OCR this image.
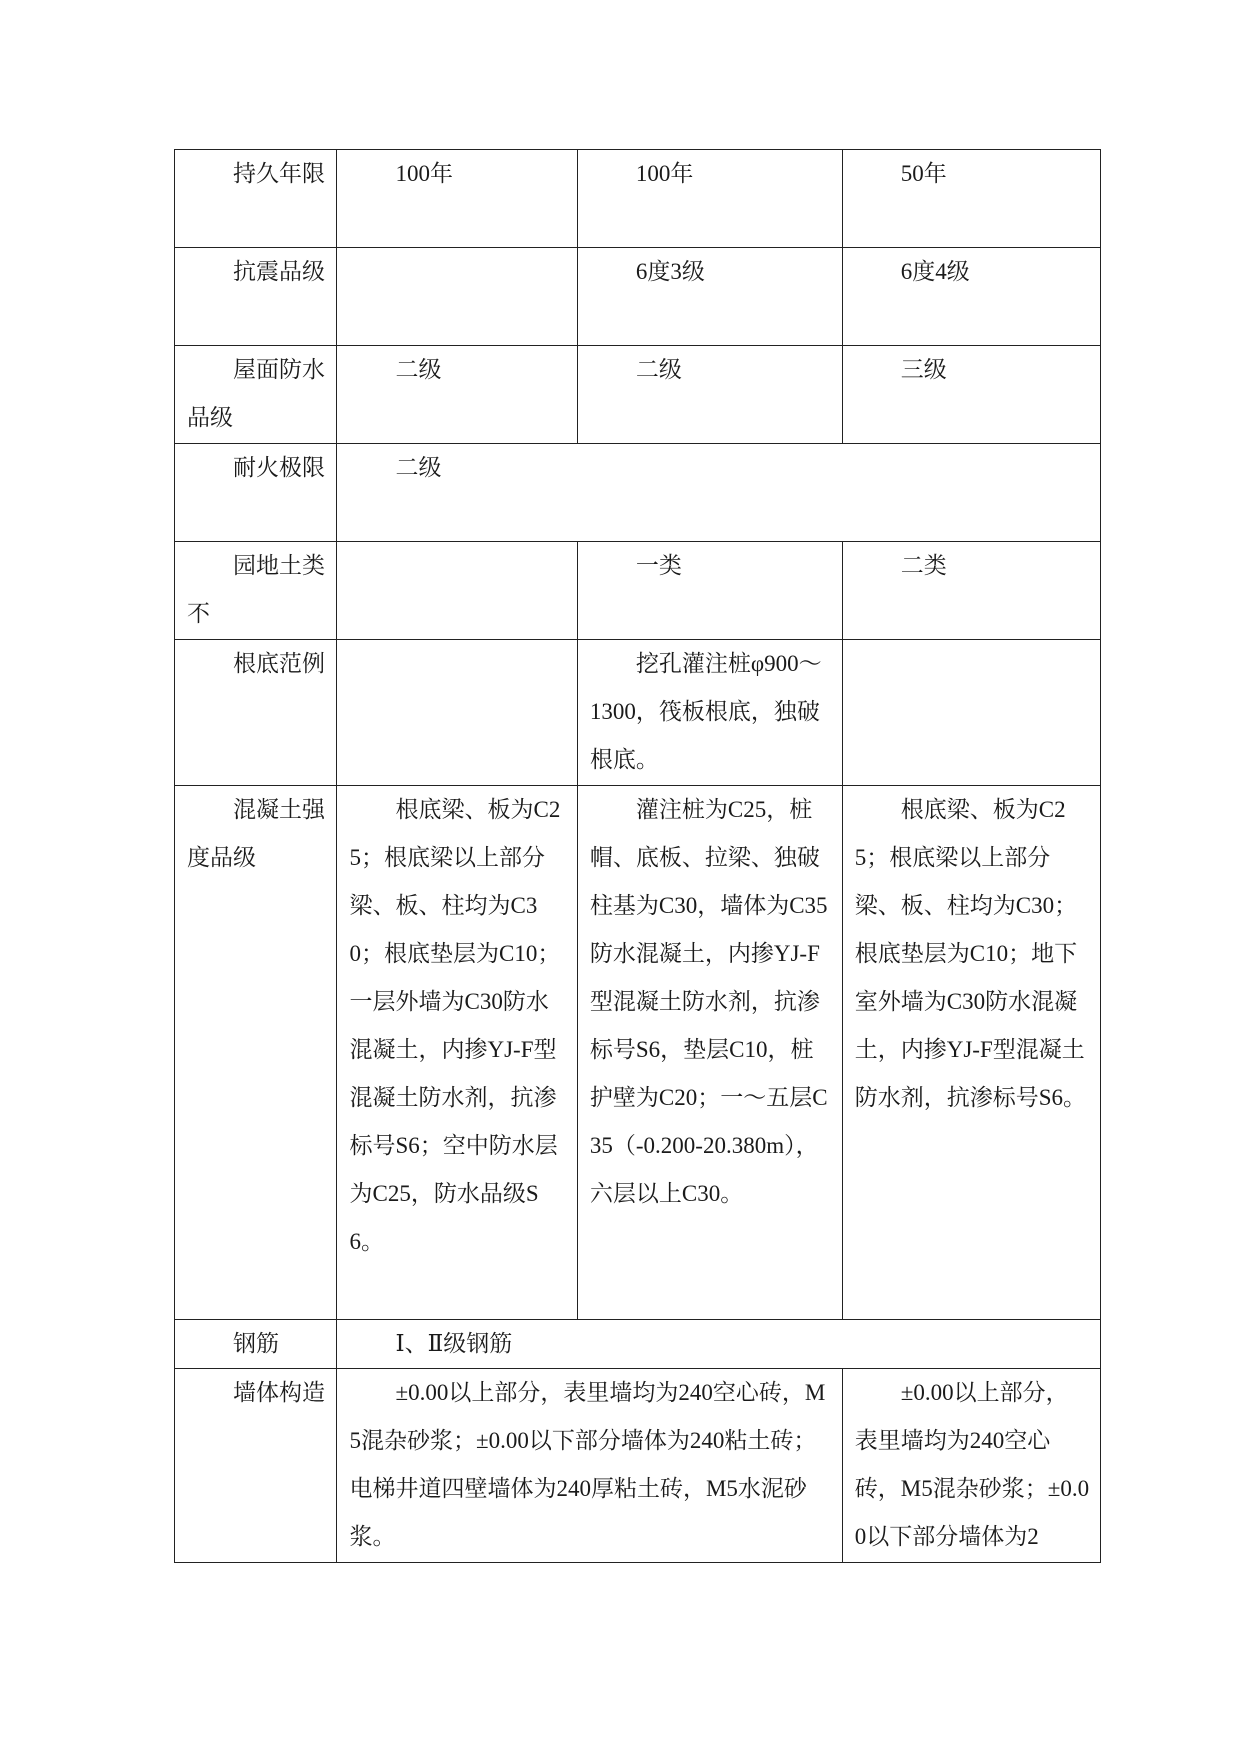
持久年限	100年	100年	50年

抗震品级		6度3级	6度4级

屋面防水品级	二级	二级	三级

耐火极限	二级		

园地土类不		一类	二类

根底范例		挖孔灌注桩φ900～1300，筏板根底，独破根底。	

混凝土强度品级	根底梁、板为C25；根底梁以上部分梁、板、柱均为C30；根底垫层为C10；一层外墙为C30防水混凝土，内掺YJ-F型混凝土防水剂，抗渗标号S6；空中防水层为C25，防水品级S6。	灌注桩为C25，桩帽、底板、拉梁、独破柱基为C30，墙体为C35防水混凝土，内掺YJ-F型混凝土防水剂，抗渗标号S6，垫层C10，桩护壁为C20；一～五层C35（-0.200-20.380m），六层以上C30。	根底梁、板为C25；根底梁以上部分梁、板、柱均为C30；根底垫层为C10；地下室外墙为C30防水混凝土，内掺YJ-F型混凝土防水剂，抗渗标号S6。

钢筋	Ⅰ、Ⅱ级钢筋		

墙体构造	±0.00以上部分，表里墙均为240空心砖，M5混杂砂浆；±0.00以下部分墙体为240粘土砖；电梯井道四壁墙体为240厚粘土砖，M5水泥砂浆。		±0.00以上部分，表里墙均为240空心砖，M5混杂砂浆；±0.00以下部分墙体为2
